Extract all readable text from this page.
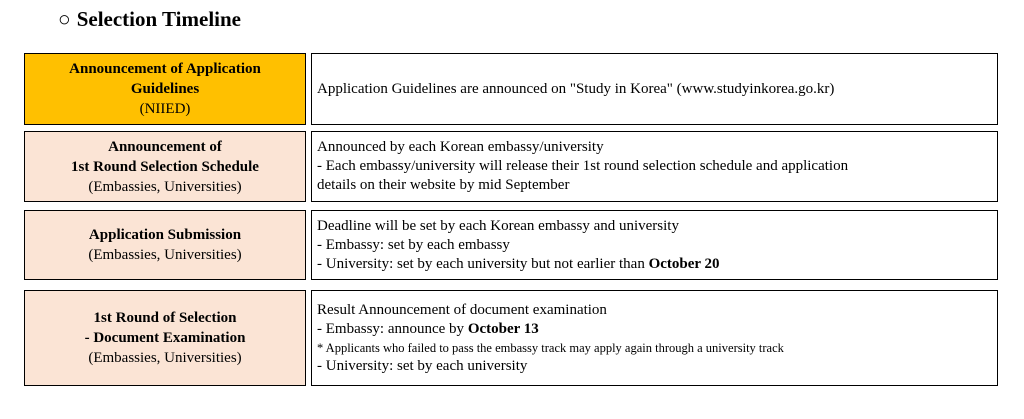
○ Selection Timeline
Announcement of Application
Guidelines
(NIIED)
Application Guidelines are announced on "Study in Korea" (www.studyinkorea.go.kr)
Announcement of
1st Round Selection Schedule
(Embassies, Universities)
Announced by each Korean embassy/university
- Each embassy/university will release their 1st round selection schedule and application
details on their website by mid September
Application Submission
(Embassies, Universities)
Deadline will be set by each Korean embassy and university
- Embassy: set by each embassy
- University: set by each university but not earlier than October 20
1st Round of Selection
- Document Examination
(Embassies, Universities)
Result Announcement of document examination
- Embassy: announce by October 13
* Applicants who failed to pass the embassy track may apply again through a university track
- University: set by each university
